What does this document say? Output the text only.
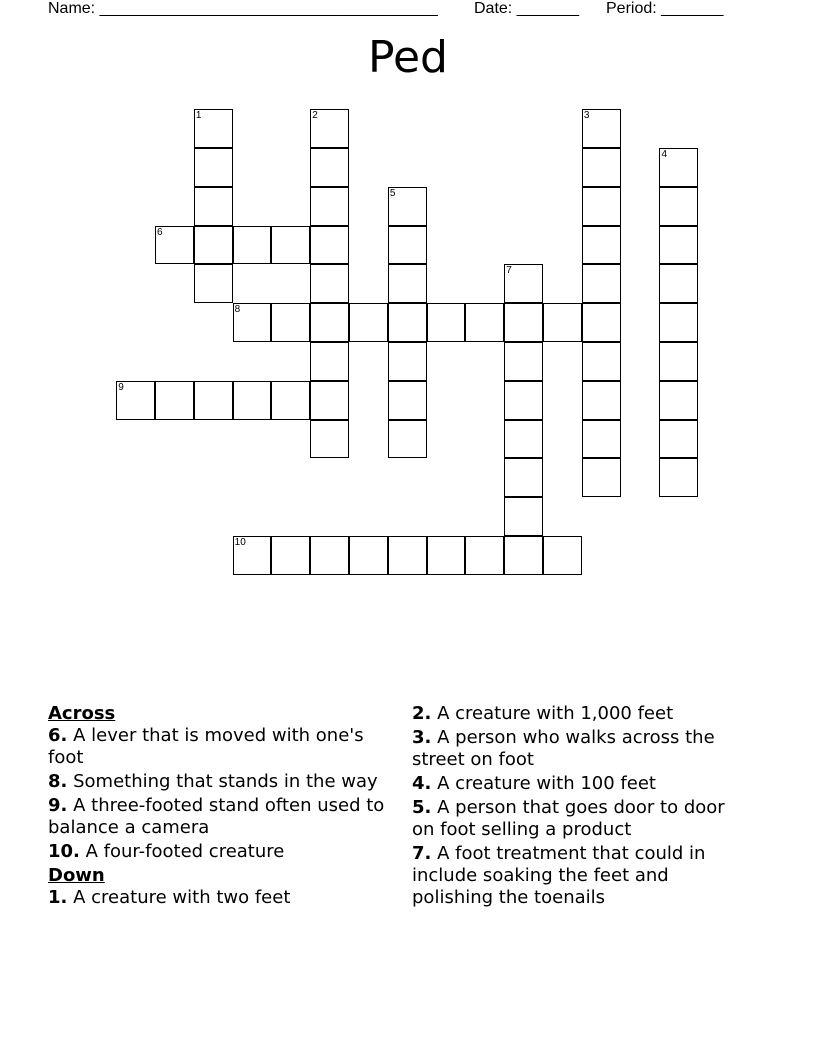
Name: ______________________________________ Date: _______ Period: _______
Ped
1	2	3
4
5
6
7
8
9
10
Across
6. A lever that is moved with one's foot
8. Something that stands in the way
9. A three-footed stand often used to balance a camera
10. A four-footed creature
Down
1. A creature with two feet
2. A creature with 1,000 feet
3. A person who walks across the street on foot
4. A creature with 100 feet
5. A person that goes door to door on foot selling a product
7. A foot treatment that could in include soaking the feet and polishing the toenails
